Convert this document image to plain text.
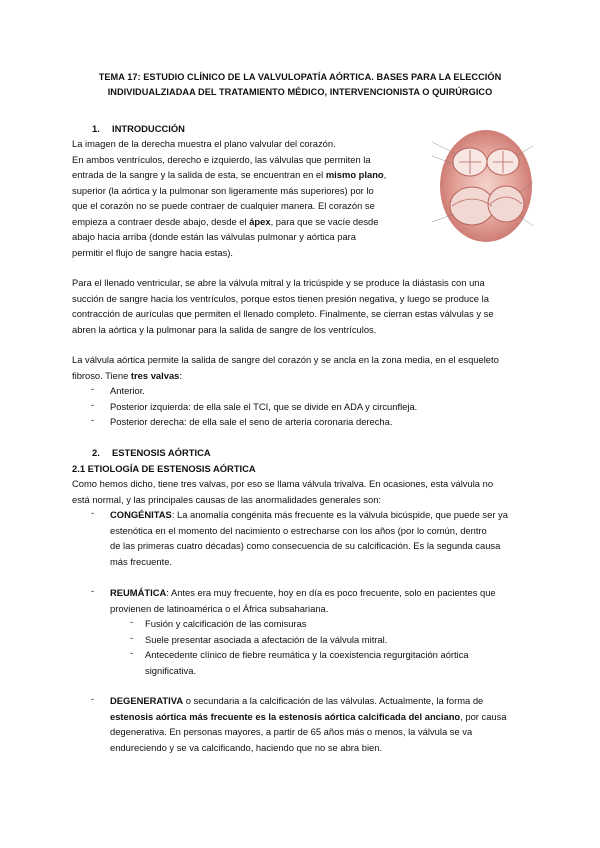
TEMA 17: ESTUDIO CLÍNICO DE LA VALVULOPATÍA AÓRTICA. BASES PARA LA ELECCIÓN
INDIVIDUALZIADAA DEL TRATAMIENTO MÉDICO, INTERVENCIONISTA O QUIRÚRGICO
1. INTRODUCCIÓN
La imagen de la derecha muestra el plano valvular del corazón.
En ambos ventrículos, derecho e izquierdo, las válvulas que permiten la
entrada de la sangre y la salida de esta, se encuentran en el mismo plano,
superior (la aórtica y la pulmonar son ligeramente más superiores) por lo
que el corazón no se puede contraer de cualquier manera. El corazón se
empieza a contraer desde abajo, desde el ápex, para que se vacíe desde
abajo hacia arriba (donde están las válvulas pulmonar y aórtica para
permitir el flujo de sangre hacia estas).
Para el llenado ventricular, se abre la válvula mitral y la tricúspide y se produce la diástasis con una
succión de sangre hacia los ventrículos, porque estos tienen presión negativa, y luego se produce la
contracción de aurículas que permiten el llenado completo. Finalmente, se cierran estas válvulas y se
abren la aórtica y la pulmonar para la salida de sangre de los ventrículos.
La válvula aórtica permite la salida de sangre del corazón y se ancla en la zona media, en el esqueleto
fibroso. Tiene tres valvas:
- Anterior.
- Posterior izquierda: de ella sale el TCI, que se divide en ADA y circunfleja.
- Posterior derecha: de ella sale el seno de arteria coronaria derecha.
2. ESTENOSIS AÓRTICA
2.1 ETIOLOGÍA DE ESTENOSIS AÓRTICA
Como hemos dicho, tiene tres valvas, por eso se llama válvula trivalva. En ocasiones, esta válvula no
está normal, y las principales causas de las anormalidades generales son:
- CONGÉNITAS: La anomalía congénita más frecuente es la válvula bicúspide, que puede ser ya
estenótica en el momento del nacimiento o estrecharse con los años (por lo común, dentro
de las primeras cuatro décadas) como consecuencia de su calcificación. Es la segunda causa
más frecuente.
- REUMÁTICA: Antes era muy frecuente, hoy en día es poco frecuente, solo en pacientes que
provienen de latinoamérica o el África subsahariana.
- Fusión y calcificación de las comisuras
- Suele presentar asociada a afectación de la válvula mitral.
- Antecedente clínico de fiebre reumática y la coexistencia regurgitación aórtica
significativa.
- DEGENERATIVA o secundaria a la calcificación de las válvulas. Actualmente, la forma de
estenosis aórtica más frecuente es la estenosis aórtica calcificada del anciano, por causa
degenerativa. En personas mayores, a partir de 65 años más o menos, la válvula se va
endureciendo y se va calcificando, haciendo que no se abra bien.
